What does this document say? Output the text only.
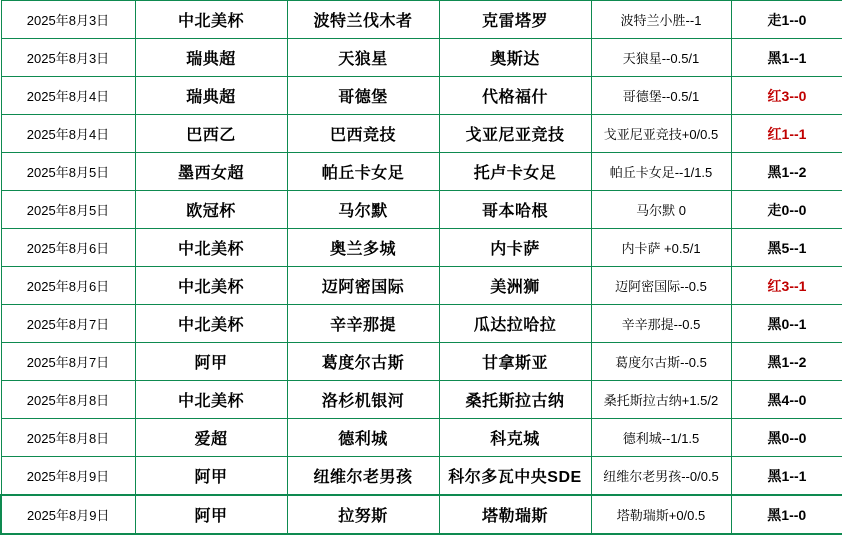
2025年8月3日	中北美杯	波特兰伐木者	克雷塔罗	波特兰小胜--1	走1--0
2025年8月3日	瑞典超	天狼星	奥斯达	天狼星--0.5/1	黑1--1
2025年8月4日	瑞典超	哥德堡	代格福什	哥德堡--0.5/1	红3--0
2025年8月4日	巴西乙	巴西竞技	戈亚尼亚竞技	戈亚尼亚竞技+0/0.5	红1--1
2025年8月5日	墨西女超	帕丘卡女足	托卢卡女足	帕丘卡女足--1/1.5	黑1--2
2025年8月5日	欧冠杯	马尔默	哥本哈根	马尔默 0	走0--0
2025年8月6日	中北美杯	奥兰多城	内卡萨	内卡萨 +0.5/1	黑5--1
2025年8月6日	中北美杯	迈阿密国际	美洲狮	迈阿密国际--0.5	红3--1
2025年8月7日	中北美杯	辛辛那提	瓜达拉哈拉	辛辛那提--0.5	黑0--1
2025年8月7日	阿甲	葛度尔古斯	甘拿斯亚	葛度尔古斯--0.5	黑1--2
2025年8月8日	中北美杯	洛杉机银河	桑托斯拉古纳	桑托斯拉古纳+1.5/2	黑4--0
2025年8月8日	爱超	德利城	科克城	德利城--1/1.5	黑0--0
2025年8月9日	阿甲	纽维尔老男孩	科尔多瓦中央SDE	纽维尔老男孩--0/0.5	黑1--1
2025年8月9日	阿甲	拉努斯	塔勒瑞斯	塔勒瑞斯+0/0.5	黑1--0
